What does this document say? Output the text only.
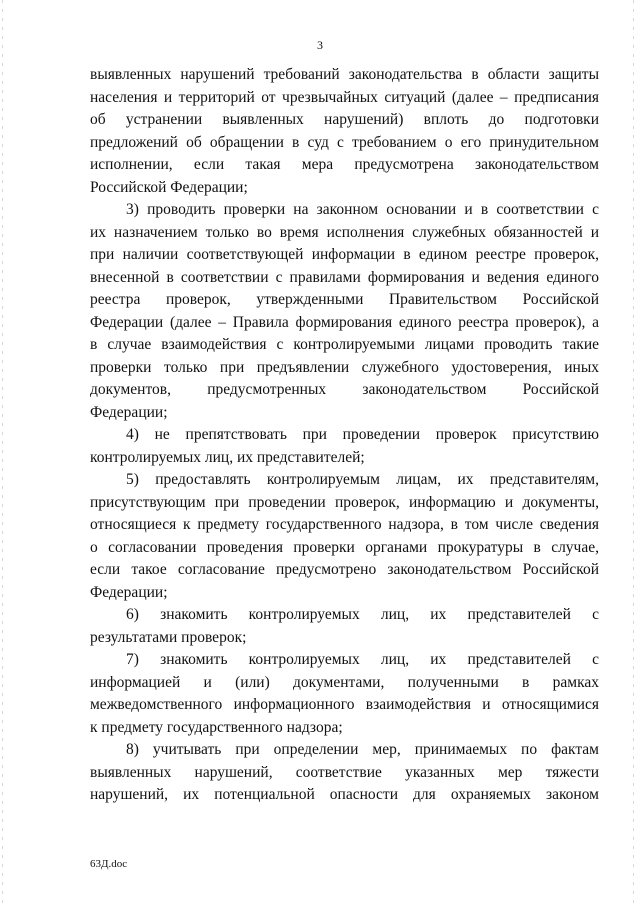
3
выявленных нарушений требований законодательства в области защиты
населения и территорий от чрезвычайных ситуаций (далее – предписания
об устранении выявленных нарушений) вплоть до подготовки
предложений об обращении в суд с требованием о его принудительном
исполнении, если такая мера предусмотрена законодательством
Российской Федерации;
3) проводить проверки на законном основании и в соответствии с
их назначением только во время исполнения служебных обязанностей и
при наличии соответствующей информации в едином реестре проверок,
внесенной в соответствии с правилами формирования и ведения единого
реестра проверок, утвержденными Правительством Российской
Федерации (далее – Правила формирования единого реестра проверок), а
в случае взаимодействия с контролируемыми лицами проводить такие
проверки только при предъявлении служебного удостоверения, иных
документов, предусмотренных законодательством Российской
Федерации;
4) не препятствовать при проведении проверок присутствию
контролируемых лиц, их представителей;
5) предоставлять контролируемым лицам, их представителям,
присутствующим при проведении проверок, информацию и документы,
относящиеся к предмету государственного надзора, в том числе сведения
о согласовании проведения проверки органами прокуратуры в случае,
если такое согласование предусмотрено законодательством Российской
Федерации;
6) знакомить контролируемых лиц, их представителей с
результатами проверок;
7) знакомить контролируемых лиц, их представителей с
информацией и (или) документами, полученными в рамках
межведомственного информационного взаимодействия и относящимися
к предмету государственного надзора;
8) учитывать при определении мер, принимаемых по фактам
выявленных нарушений, соответствие указанных мер тяжести
нарушений, их потенциальной опасности для охраняемых законом
63Д.doc
